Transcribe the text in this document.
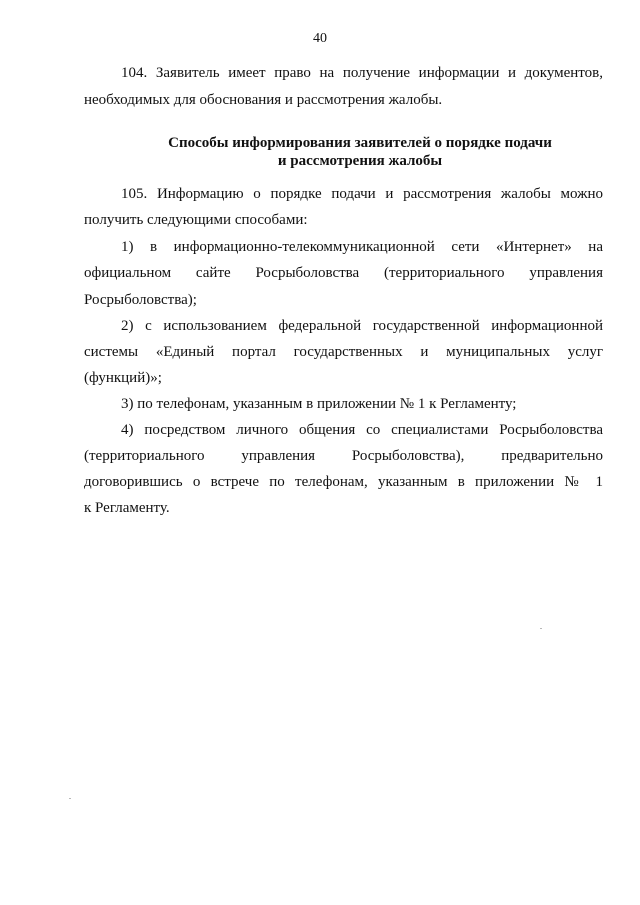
40
104. Заявитель имеет право на получение информации и документов,
необходимых для обоснования и рассмотрения жалобы.
Способы информирования заявителей о порядке подачи
и рассмотрения жалобы
105. Информацию о порядке подачи и рассмотрения жалобы можно
получить следующими способами:
1) в информационно-телекоммуникационной сети «Интернет» на
официальном сайте Росрыболовства (территориального управления
Росрыболовства);
2) с использованием федеральной государственной информационной
системы «Единый портал государственных и муниципальных услуг
(функций)»;
3) по телефонам, указанным в приложении № 1 к Регламенту;
4) посредством личного общения со специалистами Росрыболовства
(территориального управления Росрыболовства), предварительно
договорившись о встрече по телефонам, указанным в приложении № 1
к Регламенту.
